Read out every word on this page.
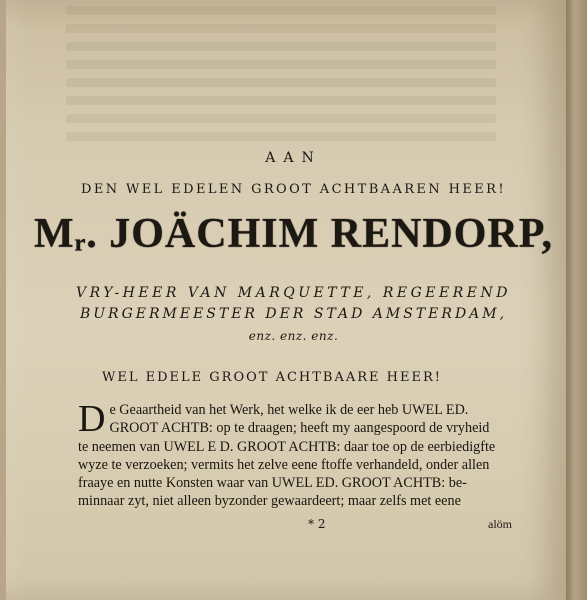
AAN
DEN WEL EDELEN GROOT ACHTBAAREN HEER!
Mᵣ. JOÄCHIM RENDORP,
VRY-HEER VAN MARQUETTE, REGEEREND
BURGERMEESTER DER STAD AMSTERDAM,
enz. enz. enz.
WEL EDELE GROOT ACHTBAARE HEER!
D e Geaartheid van het Werk, het welke ik de eer heb UWEL ED.
GROOT ACHTB: op te draagen; heeft my aangespoord de vryheid
te neemen van UWEL E D. GROOT ACHTB: daar toe op de eerbiedigfte
wyze te verzoeken; vermits het zelve eene ftoffe verhandeld, onder allen
fraaye en nutte Konsten waar van UWEL ED. GROOT ACHTB: be-
minnaar zyt, niet alleen byzonder gewaardeert; maar zelfs met eene
* 2	alöm
